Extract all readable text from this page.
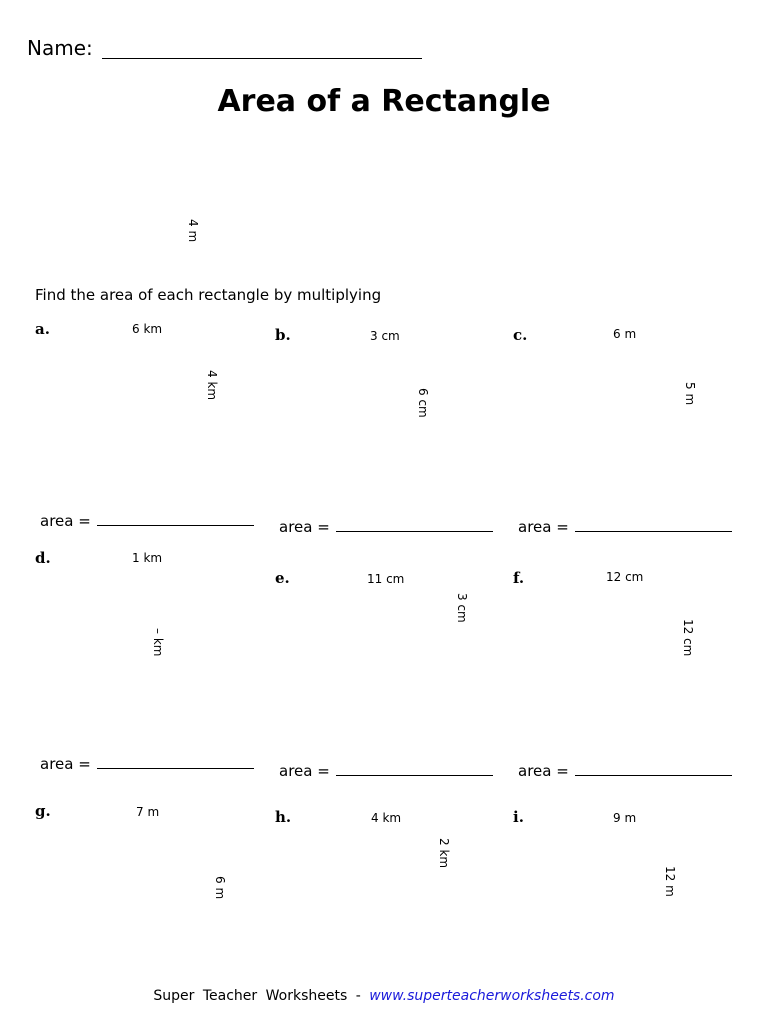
Name:
Area of a Rectangle
4 m
Find the area of each rectangle by multiplying
a.	6 km
4 km
area =
b.	3 cm
6 cm
area =
c.	6 m
5 m
area =
d.	1 km
– km
area =
e.	11 cm
3 cm
area =
f.	12 cm
12 cm
area =
g.	7 m
6 m
h.	4 km
2 km
i.	9 m
12 m
Super Teacher Worksheets - www.superteacherworksheets.com
